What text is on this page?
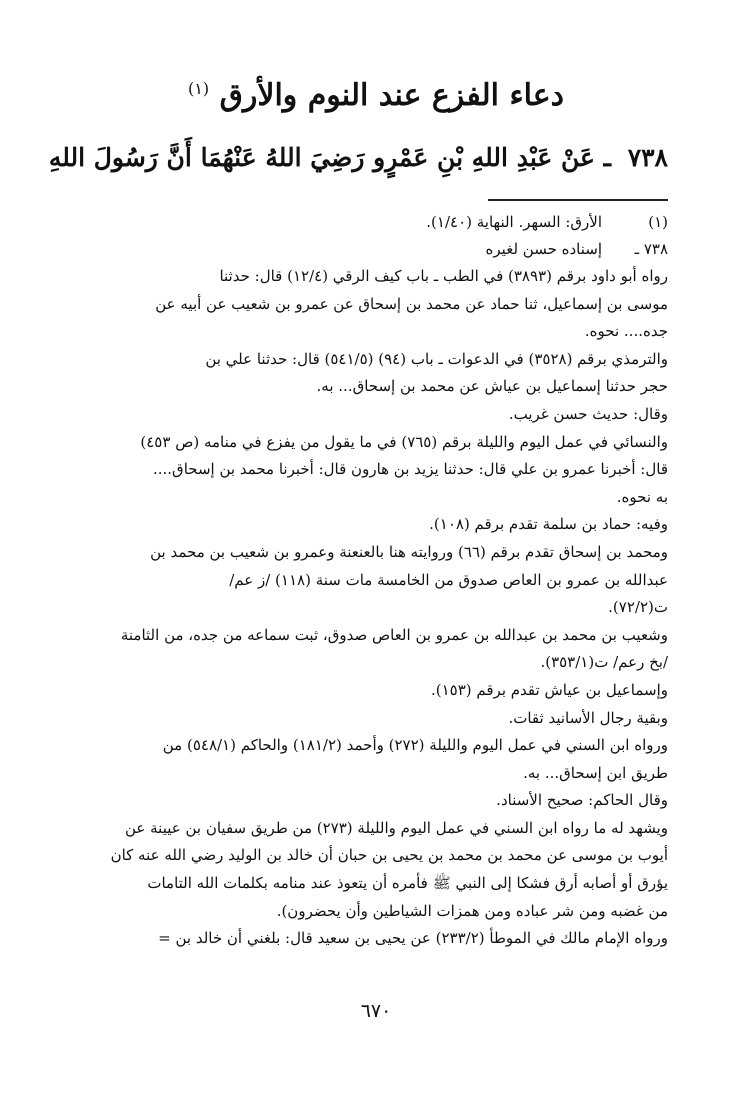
دعاء الفزع عند النوم والأرق $^{(١)}$
٧٣٨ ـ عَنْ عَبْدِ اللهِ بْنِ عَمْرٍو رَضِيَ اللهُ عَنْهُمَا أَنَّ رَسُولَ اللهِ
(١)
الأرق: السهر. النهاية (١/٤٠).
٧٣٨ ـ
إسناده حسن لغيره
رواه أبو داود برقم (٣٨٩٣) في الطب ـ باب كيف الرقي (١٢/٤) قال: حدثنا
موسى بن إسماعيل، ثنا حماد عن محمد بن إسحاق عن عمرو بن شعيب عن أبيه عن
جده.... نحوه.
والترمذي برقم (٣٥٢٨) في الدعوات ـ باب (٩٤) (٥٤١/٥) قال: حدثنا علي بن
حجر حدثنا إسماعيل بن عياش عن محمد بن إسحاق... به.
وقال: حديث حسن غريب.
والنسائي في عمل اليوم والليلة برقم (٧٦٥) في ما يقول من يفزع في منامه (ص ٤٥٣)
قال: أخبرنا عمرو بن علي قال: حدثنا يزيد بن هارون قال: أخبرنا محمد بن إسحاق....
به نحوه.
وفيه: حماد بن سلمة تقدم برقم (١٠٨).
ومحمد بن إسحاق تقدم برقم (٦٦) وروايته هنا بالعنعنة وعمرو بن شعيب بن محمد بن
عبدالله بن عمرو بن العاص صدوق من الخامسة مات سنة (١١٨) /ز عم/
ت(٧٢/٢).
وشعيب بن محمد بن عبدالله بن عمرو بن العاص صدوق، ثبت سماعه من جده، من الثامنة
/بخ رعم/ ت(٣٥٣/١).
وإسماعيل بن عياش تقدم برقم (١٥٣).
وبقية رجال الأسانيد ثقات.
ورواه ابن السني في عمل اليوم والليلة (٢٧٢) وأحمد (١٨١/٢) والحاكم (٥٤٨/١) من
طريق ابن إسحاق... به.
وقال الحاكم: صحيح الأسناد.
ويشهد له ما رواه ابن السني في عمل اليوم والليلة (٢٧٣) من طريق سفيان بن عيينة عن
أيوب بن موسى عن محمد بن محمد بن يحيى بن حبان أن خالد بن الوليد رضي الله عنه كان
يؤرق أو أصابه أرق فشكا إلى النبي ﷺ فأمره أن يتعوذ عند منامه بكلمات الله التامات
من غضبه ومن شر عباده ومن همزات الشياطين وأن يحضرون).
ورواه الإمام مالك في الموطأ (٢٣٣/٢) عن يحيى بن سعيد قال: بلغني أن خالد بن =
٦٧٠
